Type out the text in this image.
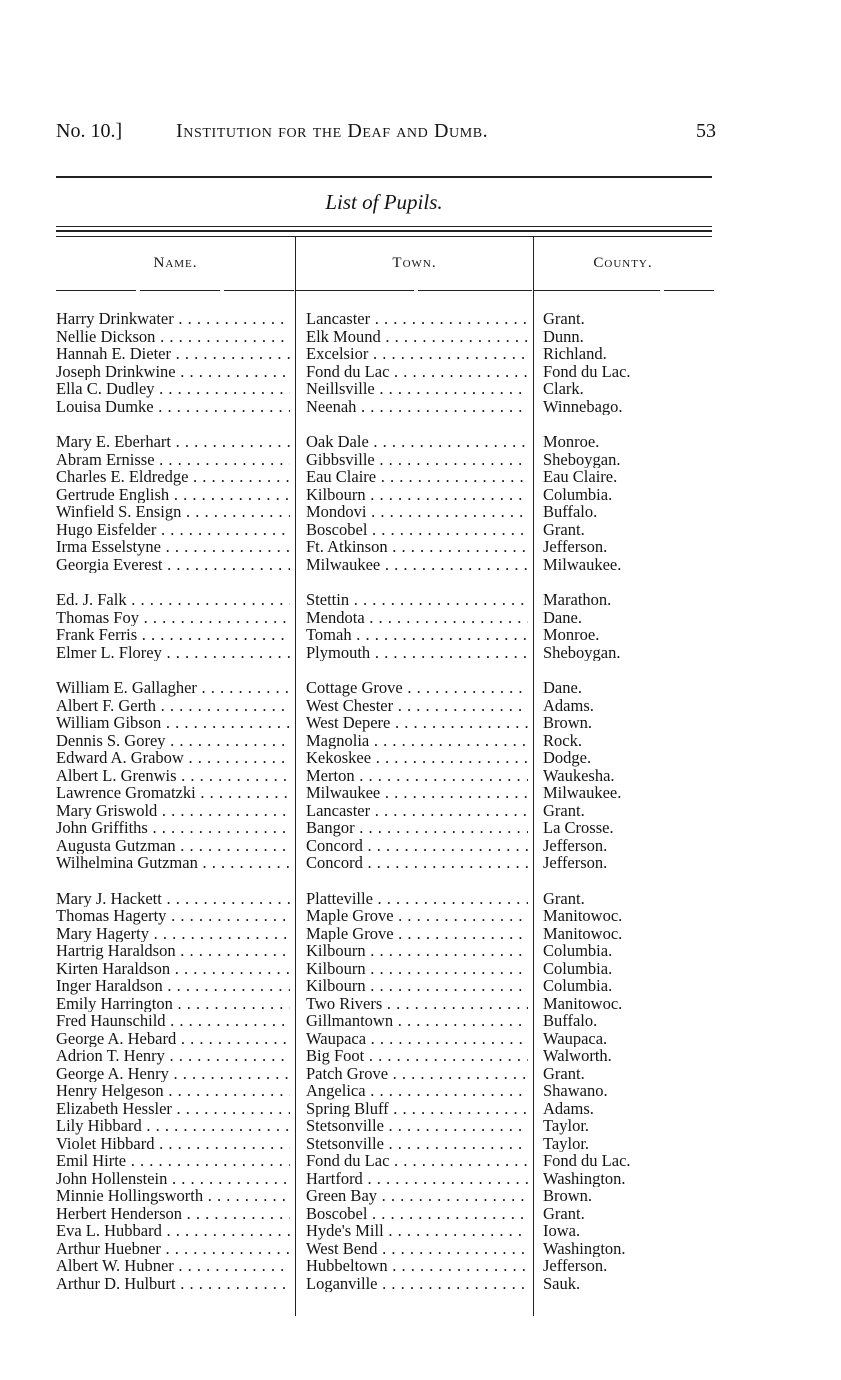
No. 10.]	Institution for the Deaf and Dumb.	53
List of Pupils.
Name.	Town.	County.
Harry Drinkwater . . .	Lancaster . . .	Grant.
Nellie Dickson . . .	Elk Mound . . .	Dunn.
Hannah E. Dieter . . .	Excelsior . . .	Richland.
Joseph Drinkwine . . .	Fond du Lac . . .	Fond du Lac.
Ella C. Dudley . . .	Neillsville . . .	Clark.
Louisa Dumke . . .	Neenah . . .	Winnebago.
Mary E. Eberhart . . .	Oak Dale . . .	Monroe.
Abram Ernisse . . .	Gibbsville . . .	Sheboygan.
Charles E. Eldredge . . .	Eau Claire . . .	Eau Claire.
Gertrude English . . .	Kilbourn . . .	Columbia.
Winfield S. Ensign . . .	Mondovi . . .	Buffalo.
Hugo Eisfelder . . .	Boscobel . . .	Grant.
Irma Esselstyne . . .	Ft. Atkinson . . .	Jefferson.
Georgia Everest . . .	Milwaukee . . .	Milwaukee.
Ed. J. Falk . . .	Stettin . . .	Marathon.
Thomas Foy . . .	Mendota . . .	Dane.
Frank Ferris . . .	Tomah . . .	Monroe.
Elmer L. Florey . . .	Plymouth . . .	Sheboygan.
William E. Gallagher . . .	Cottage Grove . . .	Dane.
Albert F. Gerth . . .	West Chester . . .	Adams.
William Gibson . . .	West Depere . . .	Brown.
Dennis S. Gorey . . .	Magnolia . . .	Rock.
Edward A. Grabow . . .	Kekoskee . . .	Dodge.
Albert L. Grenwis . . .	Merton . . .	Waukesha.
Lawrence Gromatzki . . .	Milwaukee . . .	Milwaukee.
Mary Griswold . . .	Lancaster . . .	Grant.
John Griffiths . . .	Bangor . . .	La Crosse.
Augusta Gutzman . . .	Concord . . .	Jefferson.
Wilhelmina Gutzman . . .	Concord . . .	Jefferson.
Mary J. Hackett . . .	Platteville . . .	Grant.
Thomas Hagerty . . .	Maple Grove . . .	Manitowoc.
Mary Hagerty . . .	Maple Grove . . .	Manitowoc.
Hartrig Haraldson . . .	Kilbourn . . .	Columbia.
Kirten Haraldson . . .	Kilbourn . . .	Columbia.
Inger Haraldson . . .	Kilbourn . . .	Columbia.
Emily Harrington . . .	Two Rivers . . .	Manitowoc.
Fred Haunschild . . .	Gillmantown . . .	Buffalo.
George A. Hebard . . .	Waupaca . . .	Waupaca.
Adrion T. Henry . . .	Big Foot . . .	Walworth.
George A. Henry . . .	Patch Grove . . .	Grant.
Henry Helgeson . . .	Angelica . . .	Shawano.
Elizabeth Hessler . . .	Spring Bluff . . .	Adams.
Lily Hibbard . . .	Stetsonville . . .	Taylor.
Violet Hibbard . . .	Stetsonville . . .	Taylor.
Emil Hirte . . .	Fond du Lac . . .	Fond du Lac.
John Hollenstein . . .	Hartford . . .	Washington.
Minnie Hollingsworth . . .	Green Bay . . .	Brown.
Herbert Henderson . . .	Boscobel . . .	Grant.
Eva L. Hubbard . . .	Hyde's Mill . . .	Iowa.
Arthur Huebner . . .	West Bend . . .	Washington.
Albert W. Hubner . . .	Hubbeltown . . .	Jefferson.
Arthur D. Hulburt . . .	Loganville . . .	Sauk.
